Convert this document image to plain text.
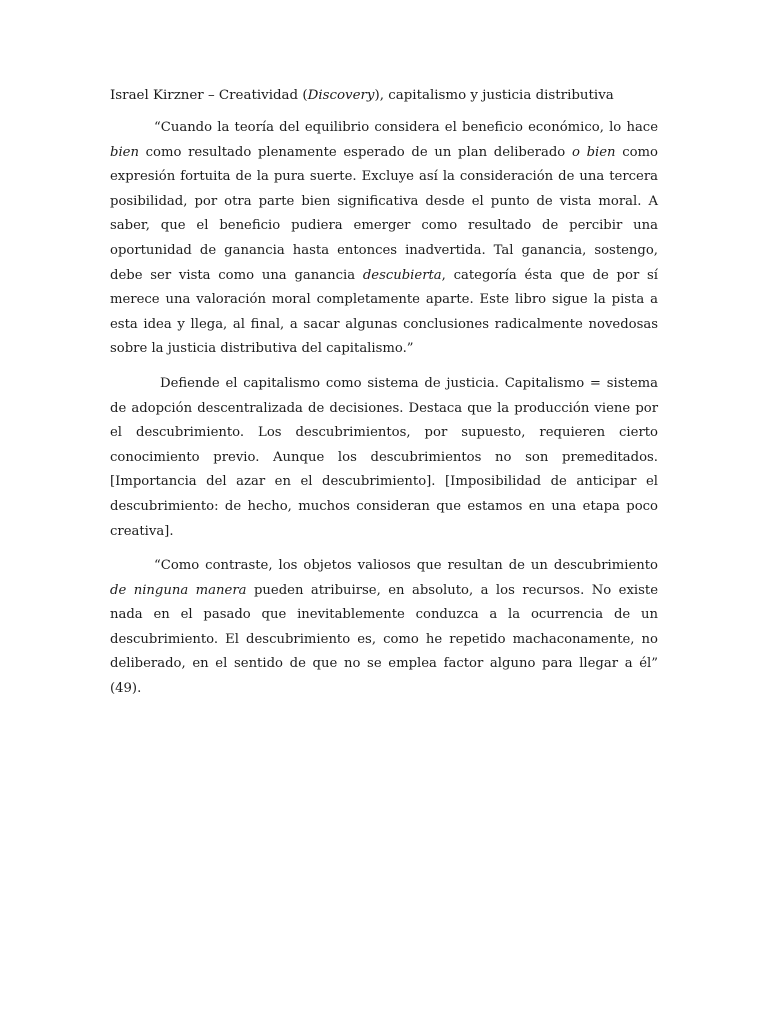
Israel Kirzner – Creatividad (Discovery), capitalismo y justicia distributiva

“Cuando la teoría del equilibrio considera el beneficio económico, lo hace bien como resultado plenamente esperado de un plan deliberado o bien como expresión fortuita de la pura suerte. Excluye así la consideración de una tercera posibilidad, por otra parte bien significativa desde el punto de vista moral. A saber, que el beneficio pudiera emerger como resultado de percibir una oportunidad de ganancia hasta entonces inadvertida. Tal ganancia, sostengo, debe ser vista como una ganancia descubierta, categoría ésta que de por sí merece una valoración moral completamente aparte. Este libro sigue la pista a esta idea y llega, al final, a sacar algunas conclusiones radicalmente novedosas sobre la justicia distributiva del capitalismo.”

Defiende el capitalismo como sistema de justicia. Capitalismo = sistema de adopción descentralizada de decisiones. Destaca que la producción viene por el descubrimiento. Los descubrimientos, por supuesto, requieren cierto conocimiento previo. Aunque los descubrimientos no son premeditados. [Importancia del azar en el descubrimiento]. [Imposibilidad de anticipar el descubrimiento: de hecho, muchos consideran que estamos en una etapa poco creativa].

“Como contraste, los objetos valiosos que resultan de un descubrimiento de ninguna manera pueden atribuirse, en absoluto, a los recursos. No existe nada en el pasado que inevitablemente conduzca a la ocurrencia de un descubrimiento. El descubrimiento es, como he repetido machaconamente, no deliberado, en el sentido de que no se emplea factor alguno para llegar a él” (49).
